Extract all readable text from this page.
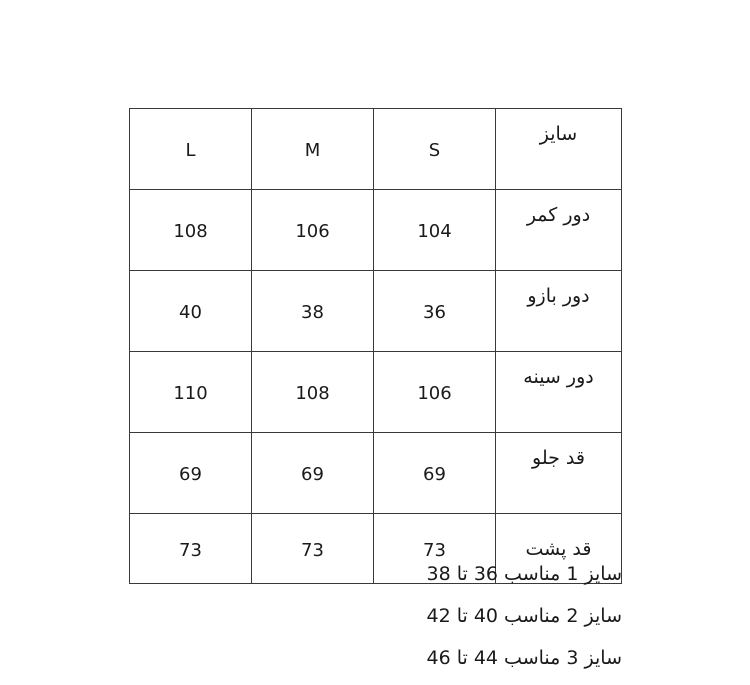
L	M	S	سایز
108	106	104	دور کمر
40	38	36	دور بازو
110	108	106	دور سینه
69	69	69	قد جلو
73	73	73	قد پشت
سایز 1 مناسب 36 تا 38
سایز 2 مناسب 40 تا 42
سایز 3 مناسب 44 تا 46
